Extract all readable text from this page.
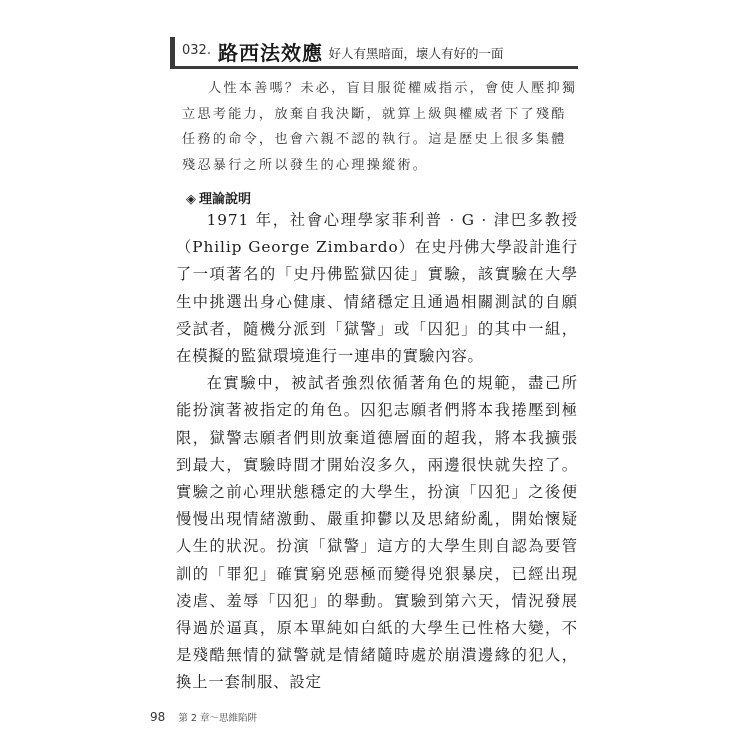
032. 路西法效應
：好人有黑暗面，壞人有好的一面
人性本善嗎？未必，盲目服從權威指示，會使人壓抑獨立思考能力，放棄自我決斷，就算上級與權威者下了殘酷任務的命令，也會六親不認的執行。這是歷史上很多集體殘忍暴行之所以發生的心理操縱術。
◈ 理論說明

1971 年，社會心理學家菲利普 · G · 津巴多教授（Philip George Zimbardo）在史丹佛大學設計進行了一項著名的「史丹佛監獄囚徒」實驗，該實驗在大學生中挑選出身心健康、情緒穩定且通過相關測試的自願受試者，隨機分派到「獄警」或「囚犯」的其中一組，在模擬的監獄環境進行一連串的實驗內容。

在實驗中，被試者強烈依循著角色的規範，盡己所能扮演著被指定的角色。囚犯志願者們將本我捲壓到極限，獄警志願者們則放棄道德層面的超我，將本我擴張到最大，實驗時間才開始沒多久，兩邊很快就失控了。實驗之前心理狀態穩定的大學生，扮演「囚犯」之後便慢慢出現情緒激動、嚴重抑鬱以及思緒紛亂，開始懷疑人生的狀況。扮演「獄警」這方的大學生則自認為要管訓的「罪犯」確實窮兇惡極而變得兇狠暴戾，已經出現凌虐、羞辱「囚犯」的舉動。實驗到第六天，情況發展得過於逼真，原本單純如白紙的大學生已性格大變，不是殘酷無情的獄警就是情緒隨時處於崩潰邊緣的犯人，換上一套制服、設定

98 第 2 章～思維陷阱
